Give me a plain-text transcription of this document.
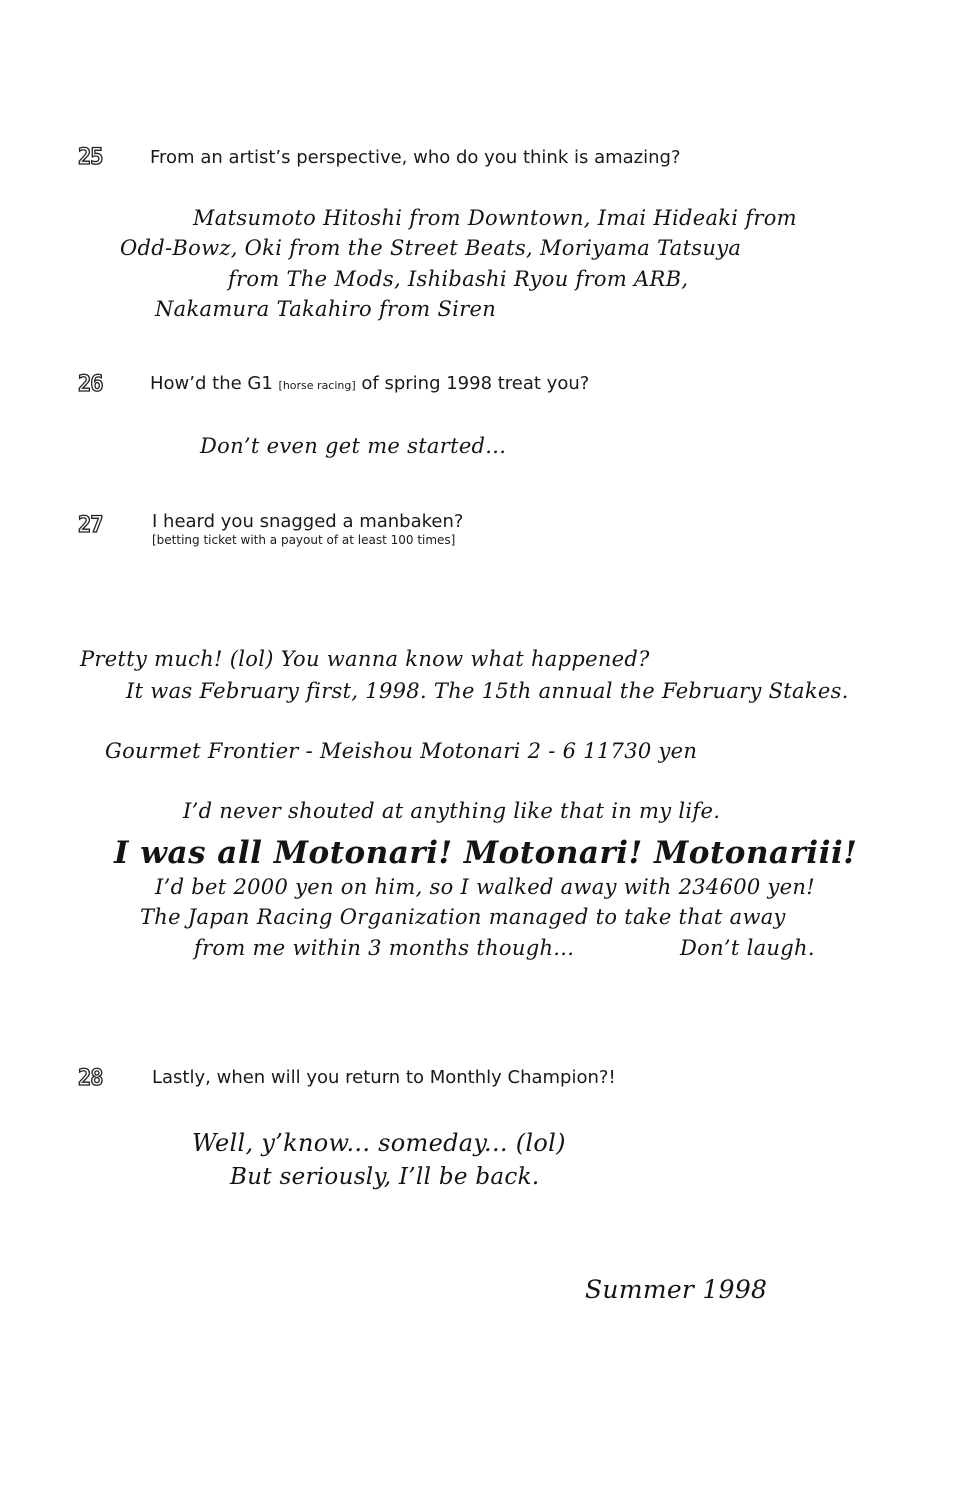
25	From an artist’s perspective, who do you think is amazing?
Matsumoto Hitoshi from Downtown, Imai Hideaki from
Odd-Bowz, Oki from the Street Beats, Moriyama Tatsuya
from The Mods, Ishibashi Ryou from ARB,
Nakamura Takahiro from Siren
26	How’d the G1 [horse racing] of spring 1998 treat you?
Don’t even get me started...
27	I heard you snagged a manbaken?
[betting ticket with a payout of at least 100 times]
Pretty much! (lol) You wanna know what happened?
It was February first, 1998. The 15th annual the February Stakes.
Gourmet Frontier - Meishou Motonari 2 - 6 11730 yen
I’d never shouted at anything like that in my life.
I was all Motonari! Motonari! Motonariii!
I’d bet 2000 yen on him, so I walked away with 234600 yen!
The Japan Racing Organization managed to take that away
from me within 3 months though...	Don’t laugh.
28	Lastly, when will you return to Monthly Champion?!
Well, y’know... someday... (lol)
But seriously, I’ll be back.
Summer 1998
